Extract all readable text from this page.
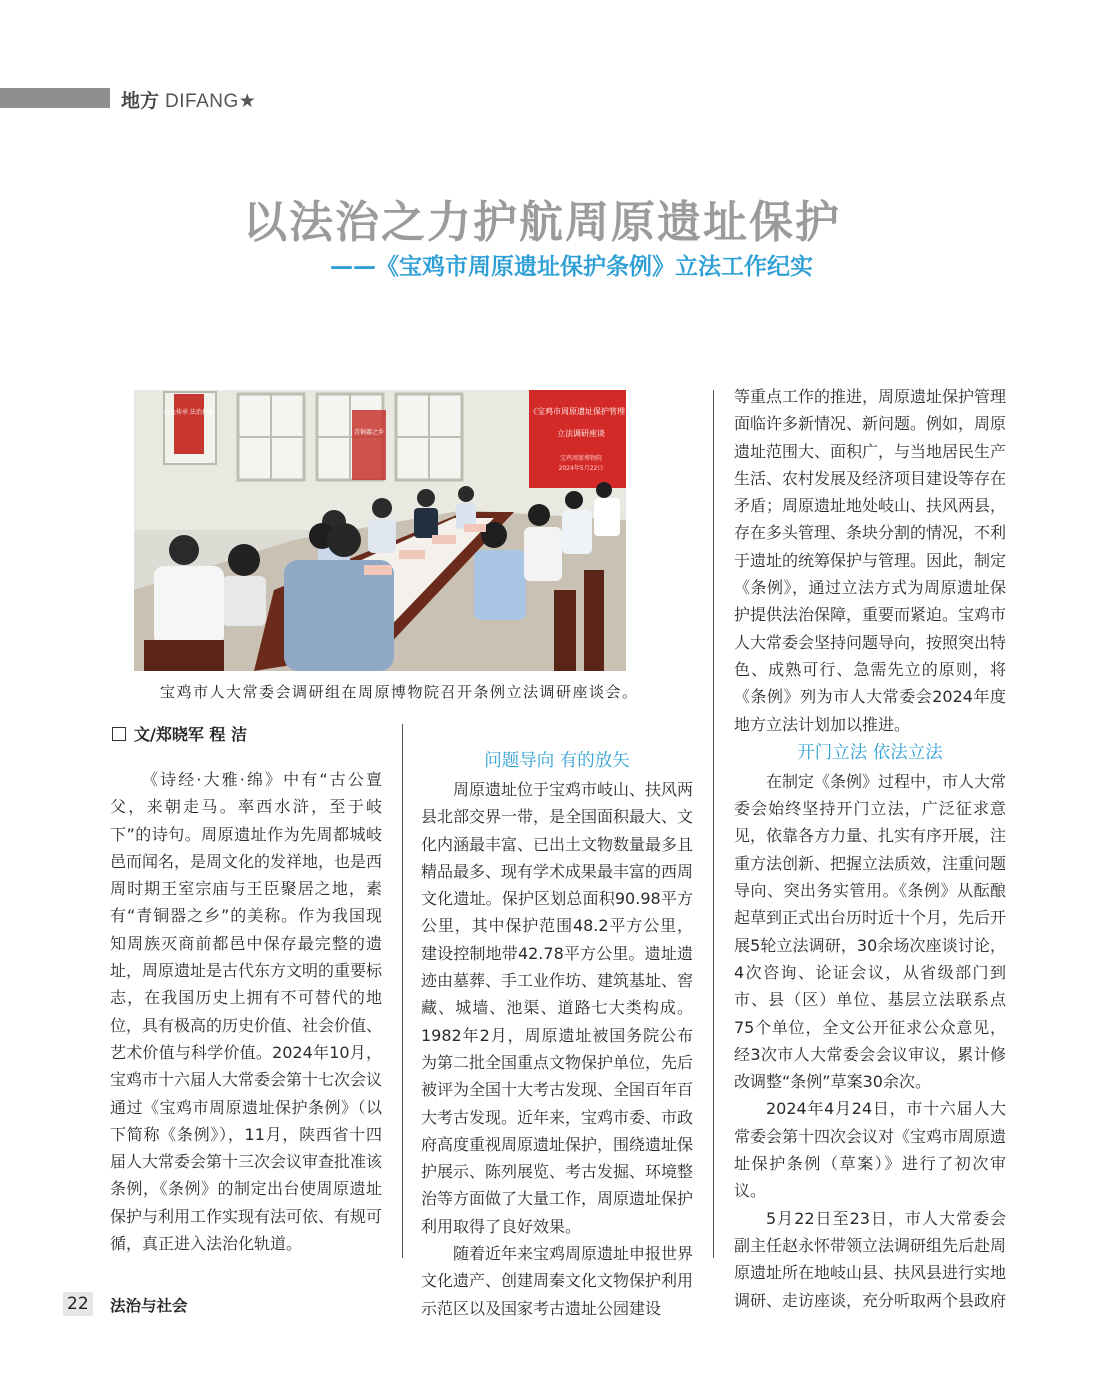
地方 DIFANG★
以法治之力护航周原遗址保护
——《宝鸡市周原遗址保护条例》立法工作纪实
红色传承 法治护航
青铜器之乡
《宝鸡市周原遗址保护管理
立法调研座谈
宝鸡周原博物院
2024年5月22日
宝鸡市人大常委会调研组在周原博物院召开条例立法调研座谈会。
文/郑晓军 程 洁

《诗经·大雅·绵》中有“古公亶父，来朝走马。率西水浒，至于岐下”的诗句。周原遗址作为先周都城岐邑而闻名，是周文化的发祥地，也是西周时期王室宗庙与王臣聚居之地，素有“青铜器之乡”的美称。作为我国现知周族灭商前都邑中保存最完整的遗址，周原遗址是古代东方文明的重要标志，在我国历史上拥有不可替代的地位，具有极高的历史价值、社会价值、艺术价值与科学价值。2024年10月，宝鸡市十六届人大常委会第十七次会议通过《宝鸡市周原遗址保护条例》（以下简称《条例》），11月，陕西省十四届人大常委会第十三次会议审查批准该条例，《条例》的制定出台使周原遗址保护与利用工作实现有法可依、有规可循，真正进入法治化轨道。

问题导向 有的放矢

周原遗址位于宝鸡市岐山、扶风两县北部交界一带，是全国面积最大、文化内涵最丰富、已出土文物数量最多且精品最多、现有学术成果最丰富的西周文化遗址。保护区划总面积90.98平方公里，其中保护范围48.2平方公里，建设控制地带42.78平方公里。遗址遗迹由墓葬、手工业作坊、建筑基址、窖藏、城墙、池渠、道路七大类构成。1982年2月，周原遗址被国务院公布为第二批全国重点文物保护单位，先后被评为全国十大考古发现、全国百年百大考古发现。近年来，宝鸡市委、市政府高度重视周原遗址保护，围绕遗址保护展示、陈列展览、考古发掘、环境整治等方面做了大量工作，周原遗址保护利用取得了良好效果。

随着近年来宝鸡周原遗址申报世界文化遗产、创建周秦文化文物保护利用示范区以及国家考古遗址公园建设

等重点工作的推进，周原遗址保护管理面临许多新情况、新问题。例如，周原遗址范围大、面积广，与当地居民生产生活、农村发展及经济项目建设等存在矛盾；周原遗址地处岐山、扶风两县，存在多头管理、条块分割的情况，不利于遗址的统筹保护与管理。因此，制定《条例》，通过立法方式为周原遗址保护提供法治保障，重要而紧迫。宝鸡市人大常委会坚持问题导向，按照突出特色、成熟可行、急需先立的原则，将《条例》列为市人大常委会2024年度地方立法计划加以推进。

开门立法 依法立法

在制定《条例》过程中，市人大常委会始终坚持开门立法，广泛征求意见，依靠各方力量、扎实有序开展，注重方法创新、把握立法质效，注重问题导向、突出务实管用。《条例》从酝酿起草到正式出台历时近十个月，先后开展5轮立法调研，30余场次座谈讨论，4次咨询、论证会议，从省级部门到市、县（区）单位、基层立法联系点75个单位，全文公开征求公众意见，经3次市人大常委会会议审议，累计修改调整“条例”草案30余次。

2024年4月24日，市十六届人大常委会第十四次会议对《宝鸡市周原遗址保护条例（草案）》进行了初次审议。

5月22日至23日，市人大常委会副主任赵永怀带领立法调研组先后赴周原遗址所在地岐山县、扶风县进行实地调研、走访座谈，充分听取两个县政府

22 法治与社会
